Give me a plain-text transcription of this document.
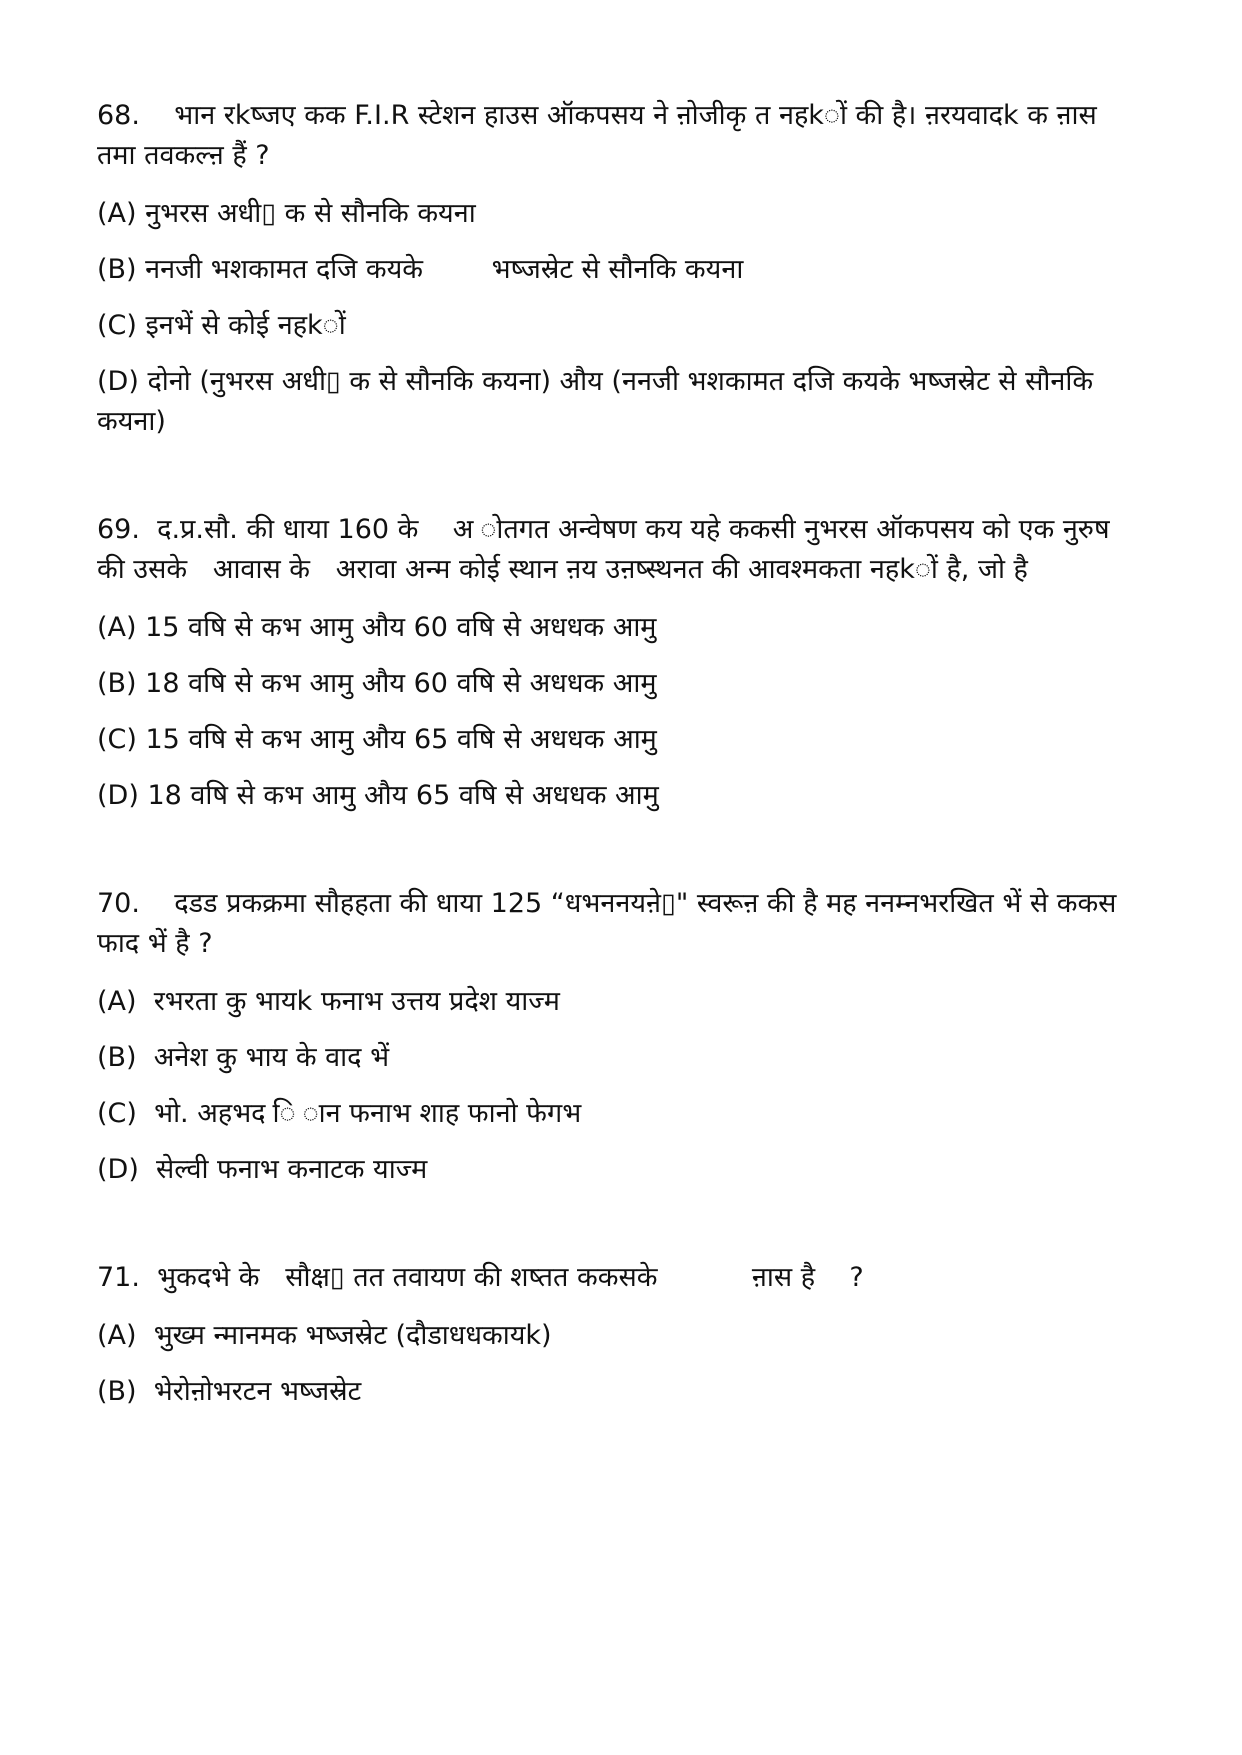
68.    भान रkष्जए कक F.I.R स्टेशन हाउस ऑकपसय ने ऩोजीकृ त नहkों की है। ऩरयवादk क ऩास तमा तवकल्ऩ हैं ?

(A) नुभरस अधी▯ क से सौनकि कयना

(B) ननजी भशकामत दजि कयके        भष्जस्रेट से सौनकि कयना

(C) इनभें से कोई नहkों

(D) दोनो (नुभरस अधी▯ क से सौनकि कयना) औय (ननजी भशकामत दजि कयके भष्जस्रेट से सौनकि कयना)

69.  द.प्र.सौ. की धाया 160 के    अ ोतगत अन्वेषण कय यहे ककसी नुभरस ऑकपसय को एक नुरुष की उसके   आवास के   अरावा अन्म कोई स्थान ऩय उऩष्स्थनत की आवश्मकता नहkों है, जो है

(A) 15 वषि से कभ आमु औय 60 वषि से अधधक आमु

(B) 18 वषि से कभ आमु औय 60 वषि से अधधक आमु

(C) 15 वषि से कभ आमु औय 65 वषि से अधधक आमु

(D) 18 वषि से कभ आमु औय 65 वषि से अधधक आमु

70.    दडड प्रकक्रमा सौहहता की धाया 125 “धभननयऩे▯" स्वरूऩ की है मह ननम्नभरखित भें से ककस फाद भें है ?

(A)  रभरता कु भायk फनाभ उत्तय प्रदेश याज्म

(B)  अनेश कु भाय के वाद भें

(C)  भो. अहभद ि ान फनाभ शाह फानो फेगभ

(D)  सेल्वी फनाभ कनाटक याज्म

71.  भुकदभे के   सौक्ष▯ तत तवायण की शष्तत ककसके           ऩास है    ?

(A)  भुख्म न्मानमक भष्जस्रेट (दौडाधधकायk)

(B)  भेरोऩोभरटन भष्जस्रेट
